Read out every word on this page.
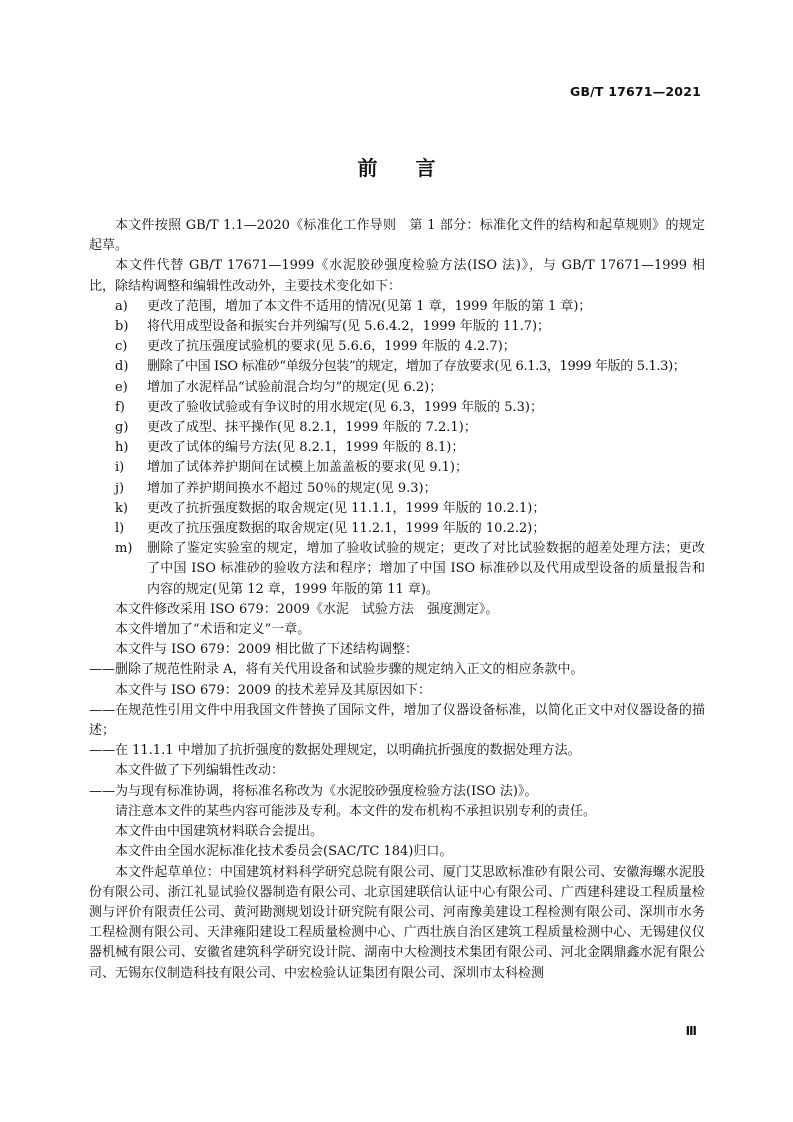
GB/T 17671—2021
前言

本文件按照 GB/T 1.1—2020《标准化工作导则　第 1 部分：标准化文件的结构和起草规则》的规定起草。

本文件代替 GB/T 17671—1999《水泥胶砂强度检验方法(ISO 法)》，与 GB/T 17671—1999 相比，除结构调整和编辑性改动外，主要技术变化如下：

a) 更改了范围，增加了本文件不适用的情况(见第 1 章，1999 年版的第 1 章)；

b) 将代用成型设备和振实台并列编写(见 5.6.4.2，1999 年版的 11.7)；

c) 更改了抗压强度试验机的要求(见 5.6.6，1999 年版的 4.2.7)；

d) 删除了中国 ISO 标准砂“单级分包装”的规定，增加了存放要求(见 6.1.3，1999 年版的 5.1.3)；

e) 增加了水泥样品“试验前混合均匀”的规定(见 6.2)；

f) 更改了验收试验或有争议时的用水规定(见 6.3，1999 年版的 5.3)；

g) 更改了成型、抹平操作(见 8.2.1，1999 年版的 7.2.1)；

h) 更改了试体的编号方法(见 8.2.1，1999 年版的 8.1)；

i) 增加了试体养护期间在试模上加盖盖板的要求(见 9.1)；

j) 增加了养护期间换水不超过 50％的规定(见 9.3)；

k) 更改了抗折强度数据的取舍规定(见 11.1.1，1999 年版的 10.2.1)；

l) 更改了抗压强度数据的取舍规定(见 11.2.1，1999 年版的 10.2.2)；

m) 删除了鉴定实验室的规定，增加了验收试验的规定；更改了对比试验数据的超差处理方法；更改了中国 ISO 标准砂的验收方法和程序；增加了中国 ISO 标准砂以及代用成型设备的质量报告和内容的规定(见第 12 章，1999 年版的第 11 章)。

本文件修改采用 ISO 679：2009《水泥　试验方法　强度测定》。

本文件增加了“术语和定义”一章。

本文件与 ISO 679：2009 相比做了下述结构调整：

——删除了规范性附录 A，将有关代用设备和试验步骤的规定纳入正文的相应条款中。

本文件与 ISO 679：2009 的技术差异及其原因如下：

——在规范性引用文件中用我国文件替换了国际文件，增加了仪器设备标准，以简化正文中对仪器设备的描述；

——在 11.1.1 中增加了抗折强度的数据处理规定，以明确抗折强度的数据处理方法。

本文件做了下列编辑性改动：

——为与现有标准协调，将标准名称改为《水泥胶砂强度检验方法(ISO 法)》。

请注意本文件的某些内容可能涉及专利。本文件的发布机构不承担识别专利的责任。

本文件由中国建筑材料联合会提出。

本文件由全国水泥标准化技术委员会(SAC/TC 184)归口。

本文件起草单位：中国建筑材料科学研究总院有限公司、厦门艾思欧标准砂有限公司、安徽海螺水泥股份有限公司、浙江礼显试验仪器制造有限公司、北京国建联信认证中心有限公司、广西建科建设工程质量检测与评价有限责任公司、黄河勘测规划设计研究院有限公司、河南豫美建设工程检测有限公司、深圳市水务工程检测有限公司、天津雍阳建设工程质量检测中心、广西壮族自治区建筑工程质量检测中心、无锡建仪仪器机械有限公司、安徽省建筑科学研究设计院、湖南中大检测技术集团有限公司、河北金隅鼎鑫水泥有限公司、无锡东仪制造科技有限公司、中宏检验认证集团有限公司、深圳市太科检测

Ⅲ
